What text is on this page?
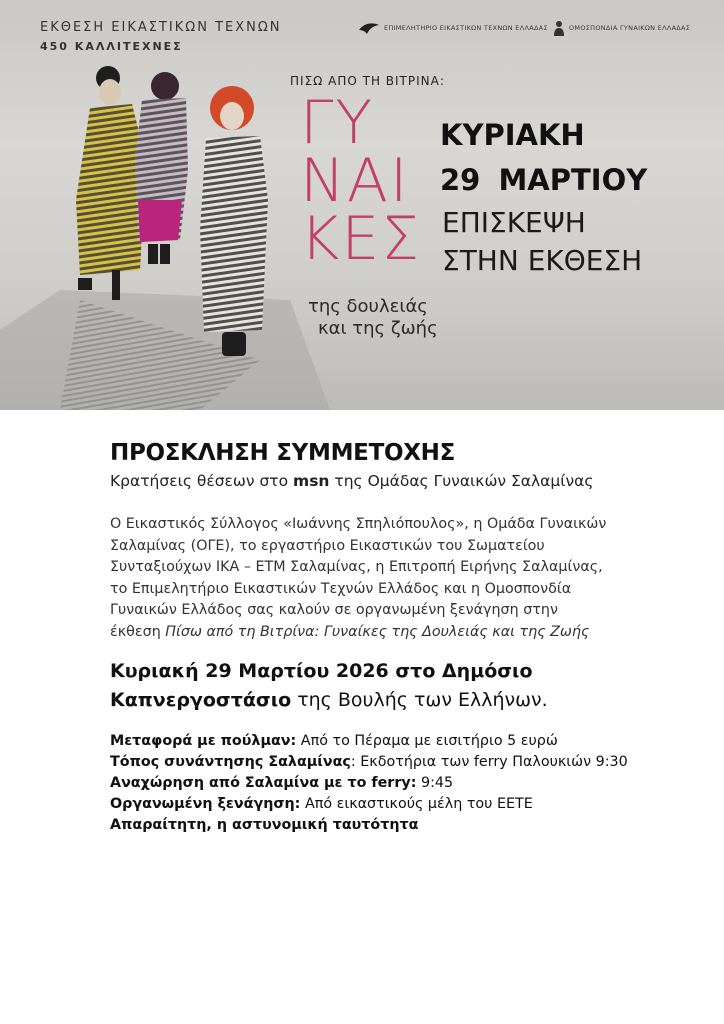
ΕΚΘΕΣΗ ΕΙΚΑΣΤΙΚΩΝ ΤΕΧΝΩΝ
450 ΚΑΛΛΙΤΕΧΝΕΣ
ΕΠΙΜΕΛΗΤΗΡΙΟ ΕΙΚΑΣΤΙΚΩΝ ΤΕΧΝΩΝ ΕΛΛΑΔΑΣ	ΟΜΟΣΠΟΝΔΙΑ ΓΥΝΑΙΚΩΝ ΕΛΛΑΔΑΣ
ΠΙΣΩ ΑΠΟ ΤΗ ΒΙΤΡΙΝΑ:
ΓΥ
ΝΑΙ
ΚΕΣ
της δουλειάς
και της ζωής
ΚΥΡΙΑΚΗ
29 ΜΑΡΤΙΟΥ
ΕΠΙΣΚΕΨΗ
ΣΤΗΝ ΕΚΘΕΣΗ
ΠΡΟΣΚΛΗΣΗ ΣΥΜΜΕΤΟΧΗΣ
Κρατήσεις θέσεων στο msn της Ομάδας Γυναικών Σαλαμίνας

Ο Εικαστικός Σύλλογος «Ιωάννης Σπηλιόπουλος», η Ομάδα Γυναικών

Σαλαμίνας (ΟΓΕ), το εργαστήριο Εικαστικών του Σωματείου

Συνταξιούχων ΙΚΑ – ΕΤΜ Σαλαμίνας, η Επιτροπή Ειρήνης Σαλαμίνας,

το Επιμελητήριο Εικαστικών Τεχνών Ελλάδος και η Ομοσπονδία

Γυναικών Ελλάδος σας καλούν σε οργανωμένη ξενάγηση στην

έκθεση Πίσω από τη Βιτρίνα: Γυναίκες της Δουλειάς και της Ζωής

Κυριακή 29 Μαρτίου 2026 στο Δημόσιο
Καπνεργοστάσιο της Βουλής των Ελλήνων.
Μεταφορά με πούλμαν: Από το Πέραμα με εισιτήριο 5 ευρώ
Τόπος συνάντησης Σαλαμίνας: Εκδοτήρια των ferry Παλουκιών 9:30
Αναχώρηση από Σαλαμίνα με το ferry: 9:45
Οργανωμένη ξενάγηση: Από εικαστικούς μέλη του ΕΕΤΕ
Απαραίτητη, η αστυνομική ταυτότητα
